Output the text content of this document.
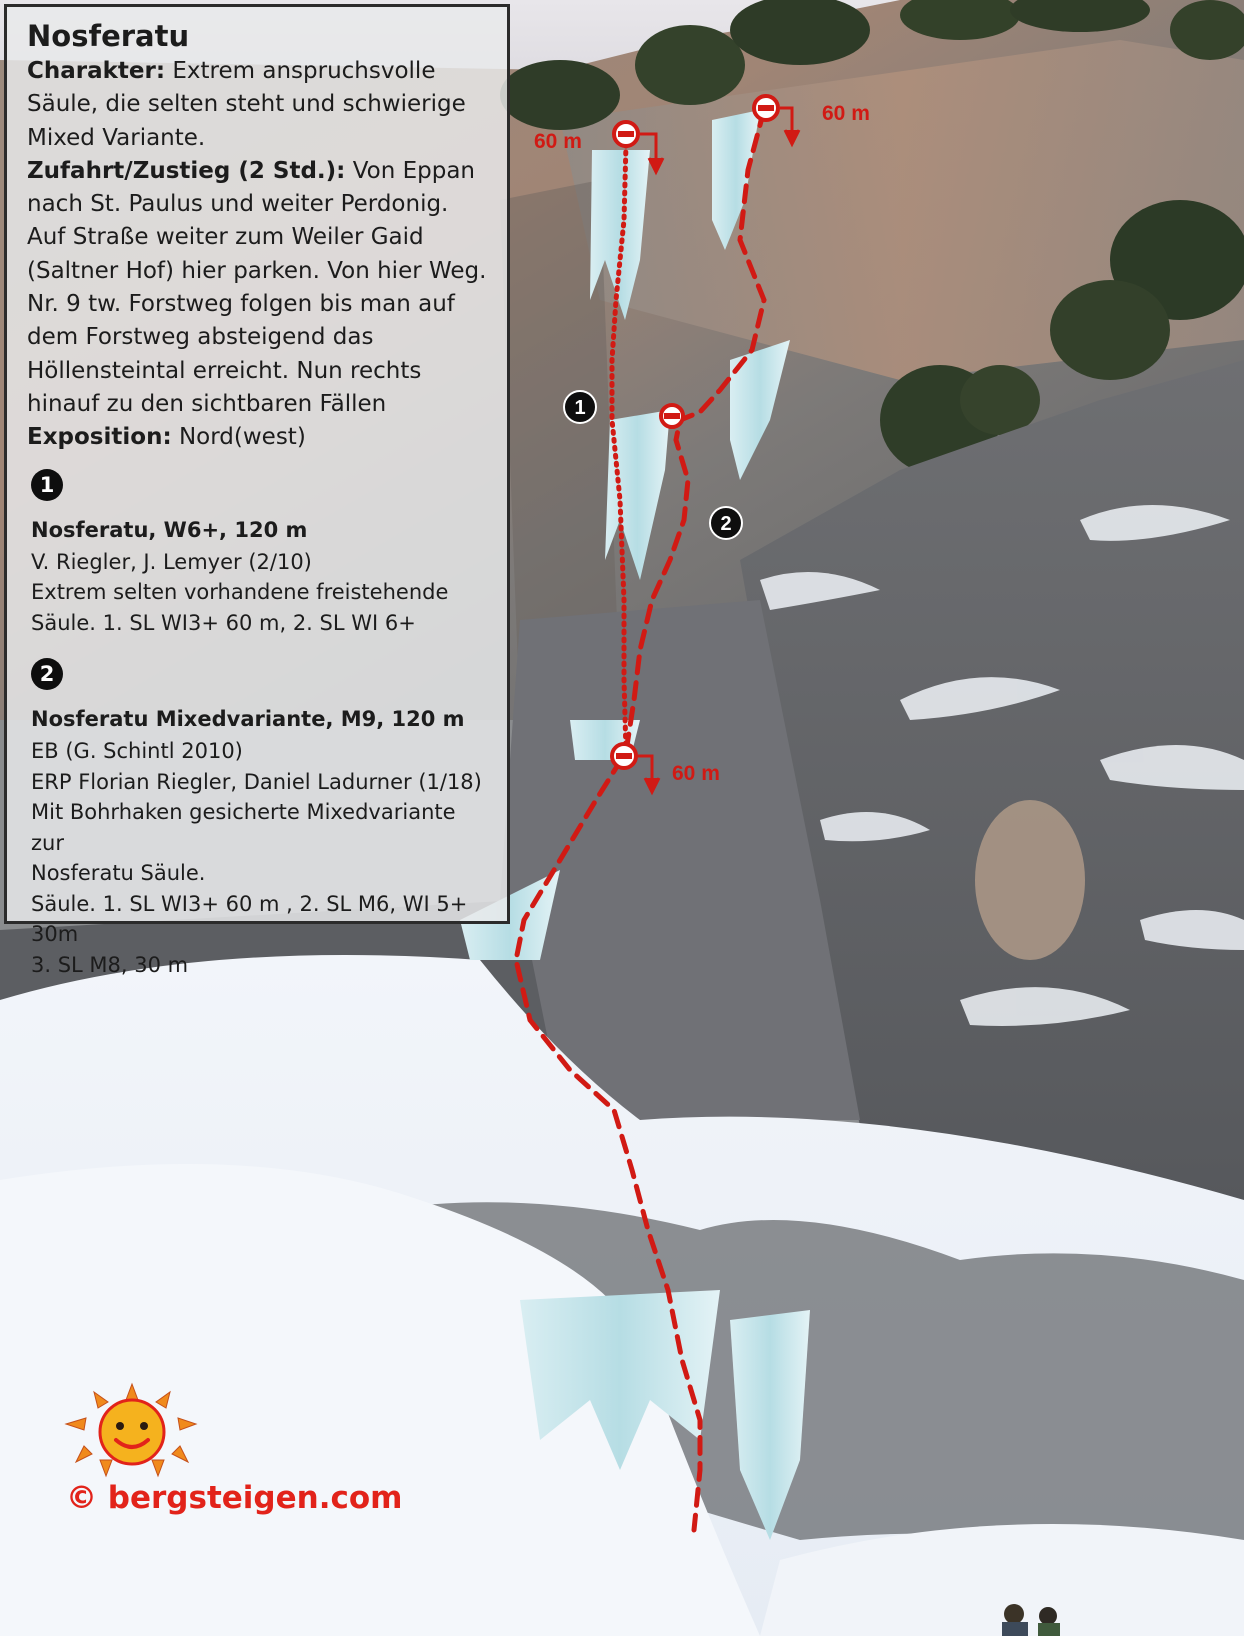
60 m
60 m
60 m
1
2
Nosferatu

Charakter: Extrem anspruchsvolle Säule, die selten steht und schwierige Mixed Variante.

Zufahrt/Zustieg (2 Std.): Von Eppan nach St. Paulus und weiter Perdonig. Auf Straße weiter zum Weiler Gaid (Saltner Hof) hier parken. Von hier Weg. Nr. 9 tw. Forstweg folgen bis man auf dem Forstweg absteigend das Höllensteintal erreicht. Nun rechts hinauf zu den sichtbaren Fällen

Exposition: Nord(west)

1
Nosferatu, W6+, 120 m

V. Riegler, J. Lemyer (2/10)

Extrem selten vorhandene freistehende

Säule. 1. SL WI3+ 60 m, 2. SL WI 6+

2
Nosferatu Mixedvariante, M9, 120 m

EB (G. Schintl 2010)

ERP Florian Riegler, Daniel Ladurner (1/18)

Mit Bohrhaken gesicherte Mixedvariante zur

Nosferatu Säule.

Säule. 1. SL WI3+ 60 m , 2. SL M6, WI 5+ 30m

3. SL M8, 30 m

© bergsteigen.com
